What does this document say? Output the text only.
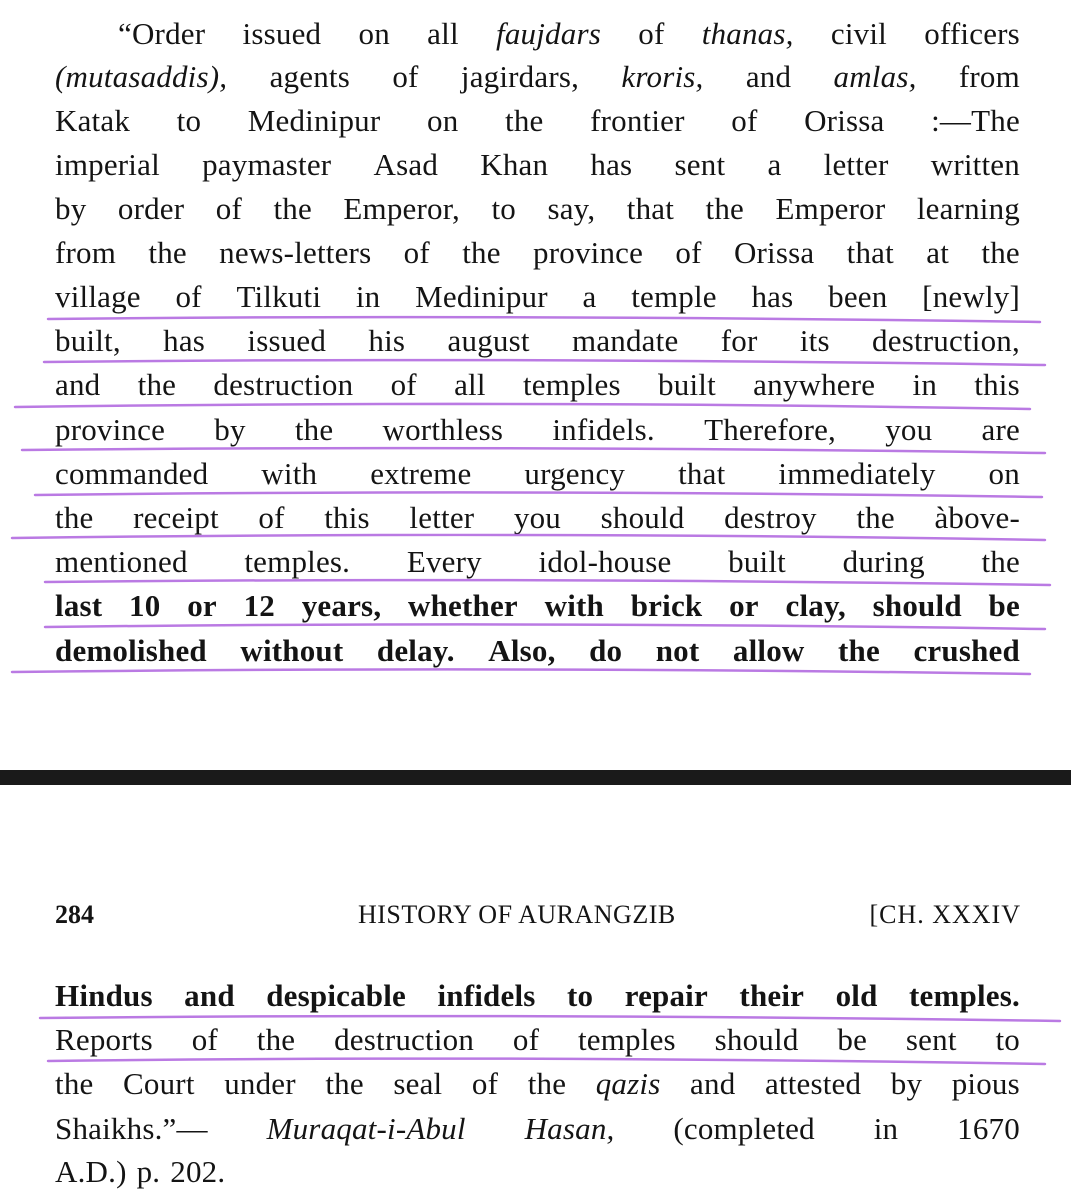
“Order issued on all faujdars of thanas, civil officers
(mutasaddis), agents of jagirdars, kroris, and amlas, from
Katak to Medinipur on the frontier of Orissa :—The
imperial paymaster Asad Khan has sent a letter written
by order of the Emperor, to say, that the Emperor learning
from the news-letters of the province of Orissa that at the
village of Tilkuti in Medinipur a temple has been [newly]
built, has issued his august mandate for its destruction,
and the destruction of all temples built anywhere in this
province by the worthless infidels. Therefore, you are
commanded with extreme urgency that immediately on
the receipt of this letter you should destroy the àbove-
mentioned temples. Every idol-house built during the
last 10 or 12 years, whether with brick or clay, should be
demolished without delay. Also, do not allow the crushed
284	HISTORY OF AURANGZIB	[CH. XXXIV
Hindus and despicable infidels to repair their old temples.
Reports of the destruction of temples should be sent to
the Court under the seal of the qazis and attested by pious
Shaikhs.”— Muraqat-i-Abul Hasan, (completed in 1670
A.D.) p. 202.
